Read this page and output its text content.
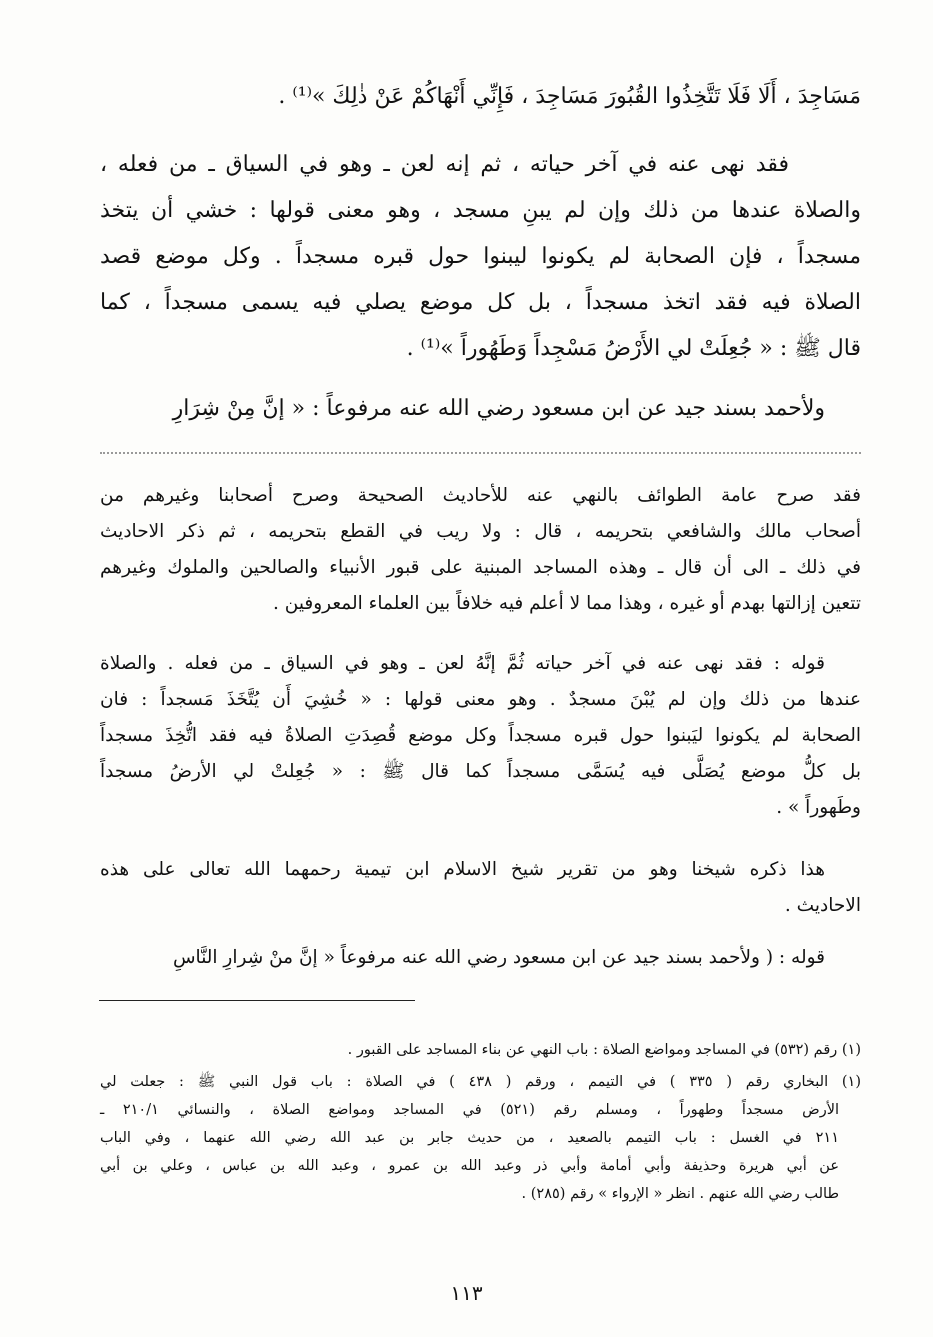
مَسَاجِدَ ، أَلَا فَلَا تَتَّخِذُوا القُبُورَ مَسَاجِدَ ، فَإِنِّي أَنْهَاكُمْ عَنْ ذٰلِكَ »⁽¹⁾ .
فقد نهى عنه في آخر حياته ، ثم إنه لعن ـ وهو في السياق ـ من فعله ،
والصلاة عندها من ذلك وإن لم يبنِ مسجد ، وهو معنى قولها : خشي أن يتخذ
مسجداً ، فإن الصحابة لم يكونوا ليبنوا حول قبره مسجداً . وكل موضع قصد
الصلاة فيه فقد اتخذ مسجداً ، بل كل موضع يصلي فيه يسمى مسجداً ، كما
قال ﷺ : « جُعِلَتْ لي الأَرْضُ مَسْجِداً وَطَهُوراً »⁽¹⁾ .
ولأحمد بسند جيد عن ابن مسعود رضي الله عنه مرفوعاً : « إنَّ مِنْ شِرَارِ
فقد صرح عامة الطوائف بالنهي عنه للأحاديث الصحيحة وصرح أصحابنا وغيرهم من
أصحاب مالك والشافعي بتحريمه ، قال : ولا ريب في القطع بتحريمه ، ثم ذكر الاحاديث
في ذلك ـ الى أن قال ـ وهذه المساجد المبنية على قبور الأنبياء والصالحين والملوك وغيرهم
تتعين إزالتها بهدم أو غيره ، وهذا مما لا أعلم فيه خلافاً بين العلماء المعروفين .
قوله : فقد نهى عنه في آخر حياته ثُمَّ إنَّهُ لعن ـ وهو في السياق ـ من فعله . والصلاة
عندها من ذلك وإن لم يُبْنَ مسجدٌ . وهو معنى قولها : « خُشِيَ أَن يُتَّخَذَ مَسجداً : فان
الصحابة لم يكونوا ليَبنوا حول قبره مسجداً وكل موضع قُصِدَتِ الصلاةُ فيه فقد اتُّخِذَ مسجداً
بل كلُّ موضع يُصَلَّى فيه يُسَمَّى مسجداً كما قال ﷺ : « جُعِلتْ لي الأرضُ مسجداً
وطَهوراً » .
هذا ذكره شيخنا وهو من تقرير شيخ الاسلام ابن تيمية رحمهما الله تعالى على هذه
الاحاديث .
قوله : ( ولأحمد بسند جيد عن ابن مسعود رضي الله عنه مرفوعاً « إنَّ منْ شِرارِ النَّاسِ
(١) رقم (٥٣٢) في المساجد ومواضع الصلاة : باب النهي عن بناء المساجد على القبور .
(١) البخاري رقم ( ٣٣٥ ) في التيمم ، ورقم ( ٤٣٨ ) في الصلاة : باب قول النبي ﷺ : جعلت لي
الأرض مسجداً وطهوراً ، ومسلم رقم (٥٢١) في المساجد ومواضع الصلاة ، والنسائي ٢١٠/١ ـ
٢١١ في الغسل : باب التيمم بالصعيد ، من حديث جابر بن عبد الله رضي الله عنهما ، وفي الباب
عن أبي هريرة وحذيفة وأبي أمامة وأبي ذر وعبد الله بن عمرو ، وعبد الله بن عباس ، وعلي بن أبي
طالب رضي الله عنهم . انظر « الإرواء » رقم (٢٨٥) .
١١٣
